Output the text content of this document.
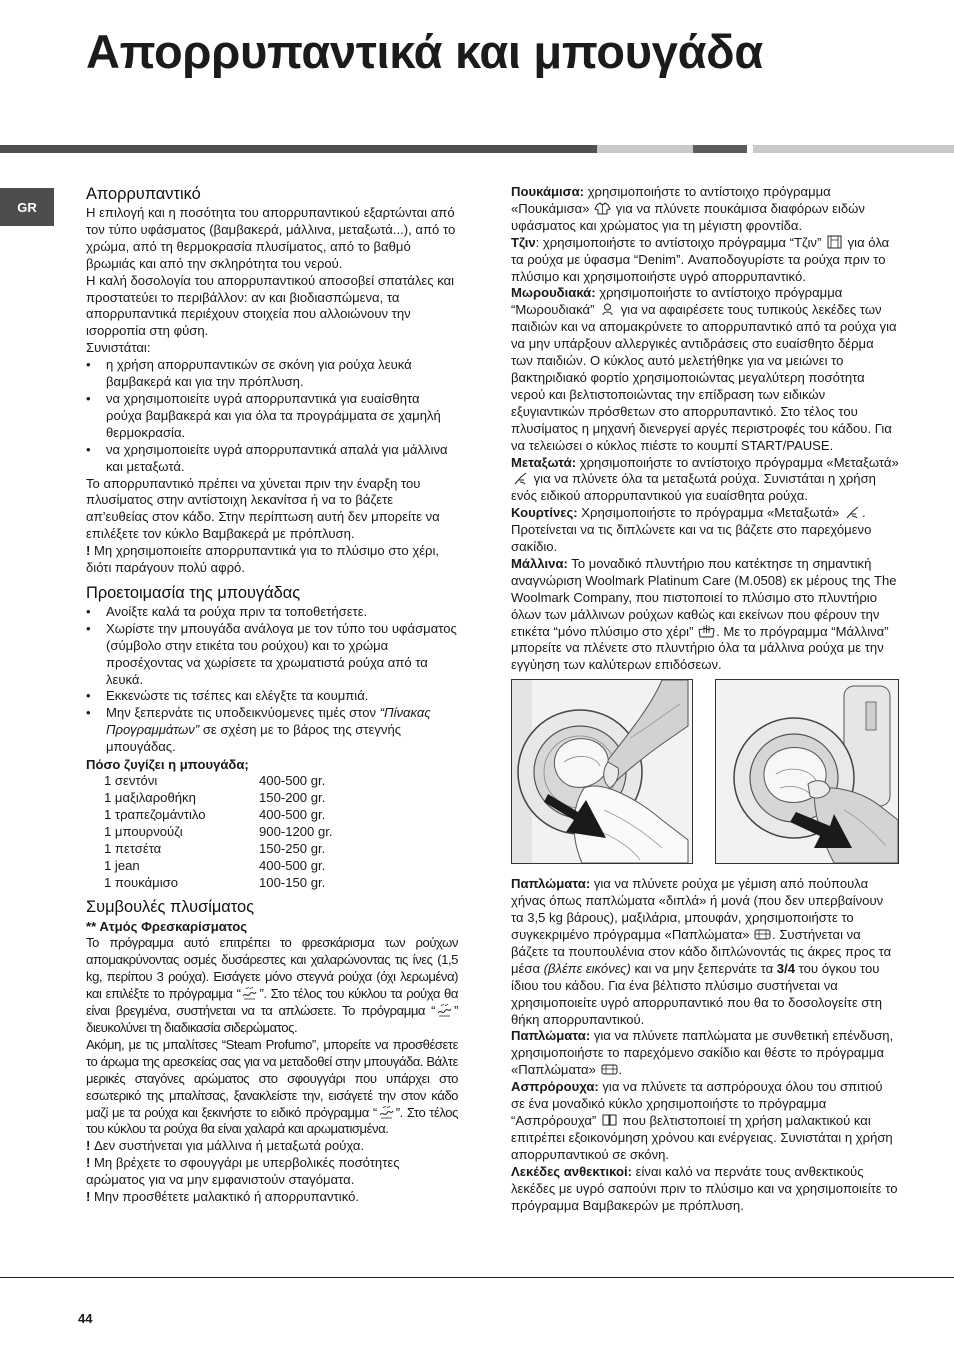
Απορρυπαντικά και μπουγάδα
GR
Απορρυπαντικό

Η επιλογή και η ποσότητα του απορρυπαντικού εξαρτώνται από τον τύπο υφάσματος (βαμβακερά, μάλλινα, μεταξωτά...), από το χρώμα, από τη θερμοκρασία πλυσίματος, από το βαθμό βρωμιάς και από την σκληρότητα του νερού.

Η καλή δοσολογία του απορρυπαντικού αποσοβεί σπατάλες και προστατεύει το περιβάλλον: αν και βιοδιασπώμενα, τα απορρυπαντικά περιέχουν στοιχεία που αλλοιώνουν την ισορροπία στη φύση.

Συνιστάται:

• η χρήση απορρυπαντικών σε σκόνη για ρούχα λευκά βαμβακερά και για την πρόπλυση.
• να χρησιμοποιείτε υγρά απορρυπαντικά για ευαίσθητα ρούχα βαμβακερά και για όλα τα προγράμματα σε χαμηλή θερμοκρασία.
• να χρησιμοποιείτε υγρά απορρυπαντικά απαλά για μάλλινα και μεταξωτά.

Το απορρυπαντικό πρέπει να χύνεται πριν την έναρξη του πλυσίματος στην αντίστοιχη λεκανίτσα ή να το βάζετε απ’ευθείας στον κάδο. Στην περίπτωση αυτή δεν μπορείτε να επιλέξετε τον κύκλο Βαμβακερά με πρόπλυση.

! Μη χρησιμοποιείτε απορρυπαντικά για το πλύσιμο στο χέρι, διότι παράγουν πολύ αφρό.

Προετοιμασία της μπουγάδας
• Ανοίξτε καλά τα ρούχα πριν τα τοποθετήσετε.
• Χωρίστε την μπουγάδα ανάλογα με τον τύπο του υφάσματος (σύμβολο στην ετικέτα του ρούχου) και το χρώμα προσέχοντας να χωρίσετε τα χρωματιστά ρούχα από τα λευκά.
• Εκκενώστε τις τσέπες και ελέγξτε τα κουμπιά.
• Μην ξεπερνάτε τις υποδεικνύομενες τιμές στον “Πίνακας Προγραμμάτων” σε σχέση με το βάρος της στεγνής μπουγάδας.
Πόσο ζυγίζει η μπουγάδα;
1 σεντόνι	400-500 gr.
1 μαξιλαροθήκη	150-200 gr.
1 τραπεζομάντιλο	400-500 gr.
1 μπουρνούζι	900-1200 gr.
1 πετσέτα	150-250 gr.
1 jean	400-500 gr.
1 πουκάμισο	100-150 gr.
Συμβουλές πλυσίματος
** Ατμός Φρεσκαρίσματος

Το πρόγραμμα αυτό επιτρέπει το φρεσκάρισμα των ρούχων απομακρύνοντας οσμές δυσάρεστες και χαλαρώνοντας τις ίνες (1,5 kg, περίπου 3 ρούχα). Εισάγετε μόνο στεγνά ρούχα (όχι λερωμένα) και επιλέξτε το πρόγραμμα “ ”. Στο τέλος του κύκλου τα ρούχα θα είναι βρεγμένα, συστήνεται να τα απλώσετε. Το πρόγραμμα “ ” διευκολύνει τη διαδικασία σιδερώματος.

Ακόμη, με τις μπαλίτσες “Steam Profumo”, μπορείτε να προσθέσετε το άρωμα της αρεσκείας σας για να μεταδοθεί στην μπουγάδα. Βάλτε μερικές σταγόνες αρώματος στο σφουγγάρι που υπάρχει στο εσωτερικό της μπαλίτσας, ξανακλείστε την, εισάγετέ την στον κάδο μαζί με τα ρούχα και ξεκινήστε το ειδικό πρόγραμμα “ ”. Στο τέλος του κύκλου τα ρούχα θα είναι χαλαρά και αρωματισμένα.

! Δεν συστήνεται για μάλλινα ή μεταξωτά ρούχα.

! Μη βρέχετε το σφουγγάρι με υπερβολικές ποσότητες αρώματος για να μην εμφανιστούν σταγόματα.

! Μην προσθέτετε μαλακτικό ή απορρυπαντικό.

Πουκάμισα: χρησιμοποιήστε το αντίστοιχο πρόγραμμα «Πουκάμισα»  για να πλύνετε πουκάμισα διαφόρων ειδών υφάσματος και χρώματος για τη μέγιστη φροντίδα.

Τζιν: χρησιμοποιήστε το αντίστοιχο πρόγραμμα “Τζιν”  για όλα τα ρούχα με ύφασμα “Denim”. Αναποδογυρίστε τα ρούχα πριν το πλύσιμο και χρησιμοποιήστε υγρό απορρυπαντικό.

Μωρουδιακά: χρησιμοποιήστε το αντίστοιχο πρόγραμμα “Μωρουδιακά”  για να αφαιρέσετε τους τυπικούς λεκέδες των παιδιών και να απομακρύνετε το απορρυπαντικό από τα ρούχα για να μην υπάρξουν αλλεργικές αντιδράσεις στο ευαίσθητο δέρμα των παιδιών. Ο κύκλος αυτό μελετήθηκε για να μειώνει το βακτηριδιακό φορτίο χρησιμοποιώντας μεγαλύτερη ποσότητα νερού και βελτιστοποιώντας την επίδραση των ειδικών εξυγιαντικών πρόσθετων στο απορρυπαντικό. Στο τέλος του πλυσίματος η μηχανή διενεργεί αργές περιστροφές του κάδου. Για να τελειώσει ο κύκλος πιέστε το κουμπί START/PAUSE.

Μεταξωτά: χρησιμοποιήστε το αντίστοιχο πρόγραμμα «Μεταξωτά»  για να πλύνετε όλα τα μεταξωτά ρούχα. Συνιστάται η χρήση ενός ειδικού απορρυπαντικού για ευαίσθητα ρούχα.

Κουρτίνες: Χρησιμοποιήστε το πρόγραμμα «Μεταξωτά» . Προτείνεται να τις διπλώνετε και να τις βάζετε στο παρεχόμενο σακίδιο.

Μάλλινα: Το μοναδικό πλυντήριο που κατέκτησε τη σημαντική αναγνώριση Woolmark Platinum Care (M.0508) εκ μέρους της The Woolmark Company, που πιστοποιεί το πλύσιμο στο πλυντήριο όλων των μάλλινων ρούχων καθώς και εκείνων που φέρουν την ετικέτα “μόνο πλύσιμο στο χέρι” . Με το πρόγραμμα “Μάλλινα” μπορείτε να πλένετε στο πλυντήριο όλα τα μάλλινα ρούχα με την εγγύηση των καλύτερων επιδόσεων.

Παπλώματα: για να πλύνετε ρούχα με γέμιση από πούπουλα χήνας όπως παπλώματα «διπλά» ή μονά (που δεν υπερβαίνουν τα 3,5 kg βάρους), μαξιλάρια, μπουφάν, χρησιμοποιήστε το συγκεκριμένο πρόγραμμα «Παπλώματα» . Συστήνεται να βάζετε τα πουπουλένια στον κάδο διπλώνοντάς τις άκρες προς τα μέσα (βλέπε εικόνες) και να μην ξεπερνάτε τα 3/4 του όγκου του ίδιου του κάδου. Για ένα βέλτιστο πλύσιμο συστήνεται να χρησιμοποιείτε υγρό απορρυπαντικό που θα το δοσολογείτε στη θήκη απορρυπαντικού.

Παπλώματα: για να πλύνετε παπλώματα με συνθετική επένδυση, χρησιμοποιήστε το παρεχόμενο σακίδιο και θέστε το πρόγραμμα «Παπλώματα» .

Ασπρόρουχα: για να πλύνετε τα ασπρόρουχα όλου του σπιτιού σε ένα μοναδικό κύκλο χρησιμοποιήστε το πρόγραμμα “Ασπρόρουχα”  που βελτιστοποιεί τη χρήση μαλακτικού και επιτρέπει εξοικονόμηση χρόνου και ενέργειας. Συνιστάται η χρήση απορρυπαντικού σε σκόνη.

Λεκέδες ανθεκτικοί: είναι καλό να περνάτε τους ανθεκτικούς λεκέδες με υγρό σαπούνι πριν το πλύσιμο και να χρησιμοποιείτε το πρόγραμμα Βαμβακερών με πρόπλυση.

44
